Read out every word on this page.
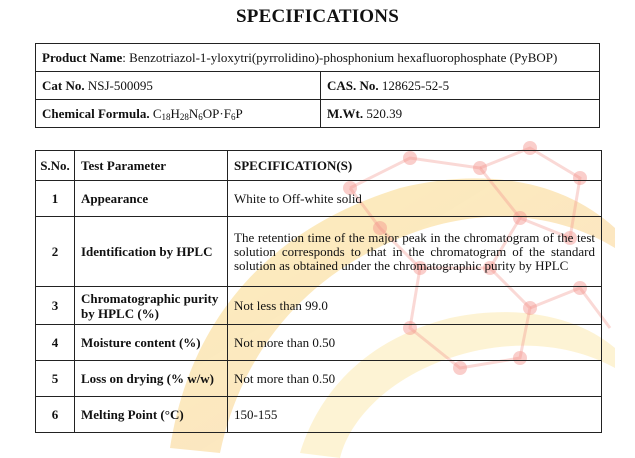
SPECIFICATIONS
Product Name: Benzotriazol-1-yloxytri(pyrrolidino)-phosphonium hexafluorophosphate (PyBOP)	
Cat No. NSJ-500095	CAS. No. 128625-52-5
Chemical Formula. $C_{18}H_{28}N_6OP\cdot F_6P$	M.Wt. 520.39
S.No.	Test Parameter	SPECIFICATION(S)
1	Appearance	White to Off-white solid
2	Identification by HPLC	The retention time of the major peak in the chromatogram of the test solution corresponds to that in the chromatogram of the standard solution as obtained under the chromatographic purity by HPLC
3	Chromatographic purity by HPLC (%)	Not less than 99.0
4	Moisture content (%)	Not more than 0.50
5	Loss on drying (% w/w)	Not more than 0.50
6	Melting Point (°C)	150-155
